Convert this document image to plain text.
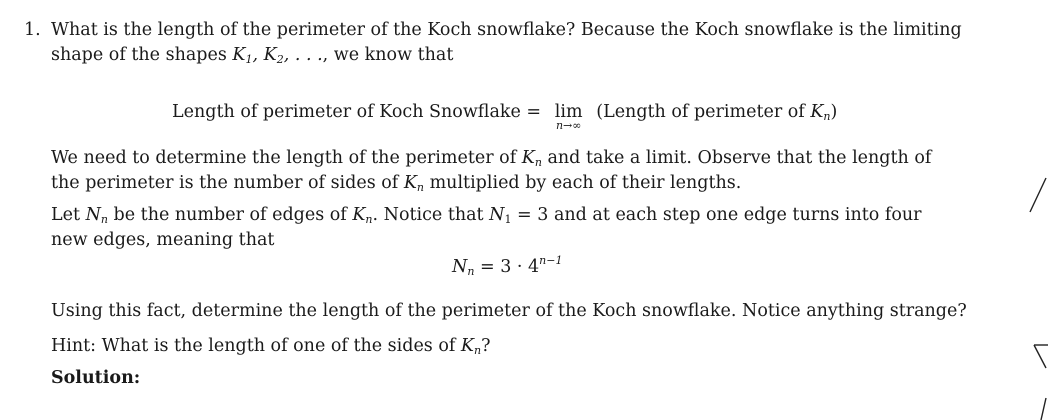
1. What is the length of the perimeter of the Koch snowflake? Because the Koch snowflake is the limiting
shape of the shapes $K_1$, $K_2$, . . ., we know that
Length of perimeter of Koch Snowflake = lim
n→∞
(Length of perimeter of $K_n$)
We need to determine the length of the perimeter of $K_n$ and take a limit. Observe that the length of
the perimeter is the number of sides of $K_n$ multiplied by each of their lengths.
Let $N_n$ be the number of edges of $K_n$. Notice that $N_1 = 3$ and at each step one edge turns into four
new edges, meaning that
$N_n = 3 \cdot 4^{n-1}$
Using this fact, determine the length of the perimeter of the Koch snowflake. Notice anything strange?
Hint: What is the length of one of the sides of $K_n$?
Solution:
